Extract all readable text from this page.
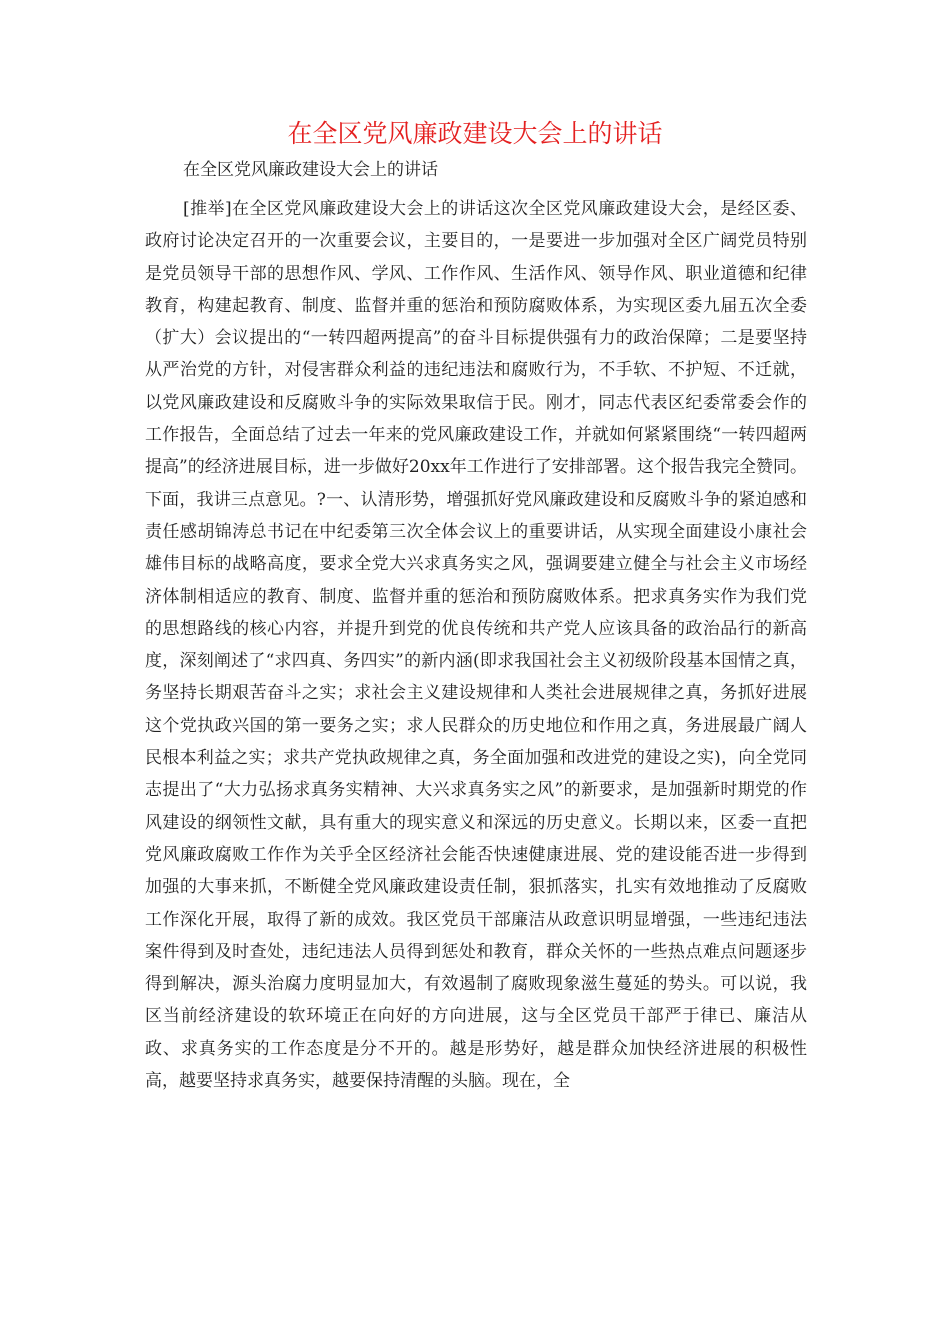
在全区党风廉政建设大会上的讲话

在全区党风廉政建设大会上的讲话

[推举]在全区党风廉政建设大会上的讲话这次全区党风廉政建设大会，是经区委、政府讨论决定召开的一次重要会议，主要目的，一是要进一步加强对全区广阔党员特别是党员领导干部的思想作风、学风、工作作风、生活作风、领导作风、职业道德和纪律教育，构建起教育、制度、监督并重的惩治和预防腐败体系，为实现区委九届五次全委（扩大）会议提出的“一转四超两提高”的奋斗目标提供强有力的政治保障；二是要坚持从严治党的方针，对侵害群众利益的违纪违法和腐败行为，不手软、不护短、不迁就，以党风廉政建设和反腐败斗争的实际效果取信于民。刚才，同志代表区纪委常委会作的工作报告，全面总结了过去一年来的党风廉政建设工作，并就如何紧紧围绕“一转四超两提高”的经济进展目标，进一步做好20xx年工作进行了安排部署。这个报告我完全赞同。下面，我讲三点意见。?一、认清形势，增强抓好党风廉政建设和反腐败斗争的紧迫感和责任感胡锦涛总书记在中纪委第三次全体会议上的重要讲话，从实现全面建设小康社会雄伟目标的战略高度，要求全党大兴求真务实之风，强调要建立健全与社会主义市场经济体制相适应的教育、制度、监督并重的惩治和预防腐败体系。把求真务实作为我们党的思想路线的核心内容，并提升到党的优良传统和共产党人应该具备的政治品行的新高度，深刻阐述了“求四真、务四实”的新内涵(即求我国社会主义初级阶段基本国情之真，务坚持长期艰苦奋斗之实；求社会主义建设规律和人类社会进展规律之真，务抓好进展这个党执政兴国的第一要务之实；求人民群众的历史地位和作用之真，务进展最广阔人民根本利益之实；求共产党执政规律之真，务全面加强和改进党的建设之实)，向全党同志提出了“大力弘扬求真务实精神、大兴求真务实之风”的新要求，是加强新时期党的作风建设的纲领性文献，具有重大的现实意义和深远的历史意义。长期以来，区委一直把党风廉政腐败工作作为关乎全区经济社会能否快速健康进展、党的建设能否进一步得到加强的大事来抓，不断健全党风廉政建设责任制，狠抓落实，扎实有效地推动了反腐败工作深化开展，取得了新的成效。我区党员干部廉洁从政意识明显增强，一些违纪违法案件得到及时查处，违纪违法人员得到惩处和教育，群众关怀的一些热点难点问题逐步得到解决，源头治腐力度明显加大，有效遏制了腐败现象滋生蔓延的势头。可以说，我区当前经济建设的软环境正在向好的方向进展，这与全区党员干部严于律已、廉洁从政、求真务实的工作态度是分不开的。越是形势好，越是群众加快经济进展的积极性高，越要坚持求真务实，越要保持清醒的头脑。现在，全
